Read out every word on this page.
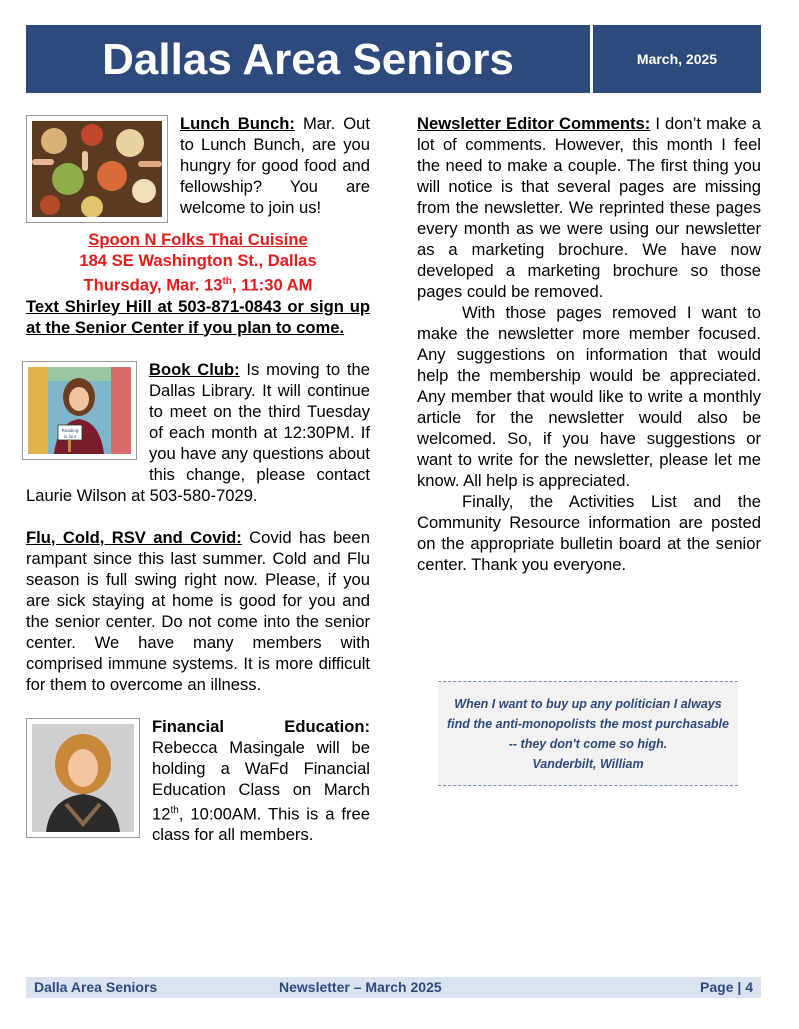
Dallas Area Seniors	March, 2025

Lunch Bunch: Mar. Out to Lunch Bunch, are you hungry for good food and fellowship? You are welcome to join us!

Spoon N Folks Thai Cuisine
184 SE Washington St., Dallas
Thursday, Mar. 13th, 11:30 AM

Text Shirley Hill at 503-871-0843 or sign up at the Senior Center if you plan to come.

Reading
is fun!

Book Club: Is moving to the Dallas Library. It will continue to meet on the third Tuesday of each month at 12:30PM. If you have any questions about this change, please contact Laurie Wilson at 503-580-7029.

Flu, Cold, RSV and Covid: Covid has been rampant since this last summer. Cold and Flu season is full swing right now. Please, if you are sick staying at home is good for you and the senior center. Do not come into the senior center. We have many members with comprised immune systems. It is more difficult for them to overcome an illness.

Financial Education: Rebecca Masingale will be holding a WaFd Financial Education Class on March 12th, 10:00AM. This is a free class for all members.

Newsletter Editor Comments: I don’t make a lot of comments. However, this month I feel the need to make a couple. The first thing you will notice is that several pages are missing from the newsletter. We reprinted these pages every month as we were using our newsletter as a marketing brochure. We have now developed a marketing brochure so those pages could be removed.

With those pages removed I want to make the newsletter more member focused. Any suggestions on information that would help the membership would be appreciated. Any member that would like to write a monthly article for the newsletter would also be welcomed. So, if you have suggestions or want to write for the newsletter, please let me know. All help is appreciated.

Finally, the Activities List and the Community Resource information are posted on the appropriate bulletin board at the senior center. Thank you everyone.

When I want to buy up any politician I always find the anti-monopolists the most purchasable -- they don't come so high.
Vanderbilt, William
Dalla Area Seniors	Newsletter – March 2025	Page | 4
